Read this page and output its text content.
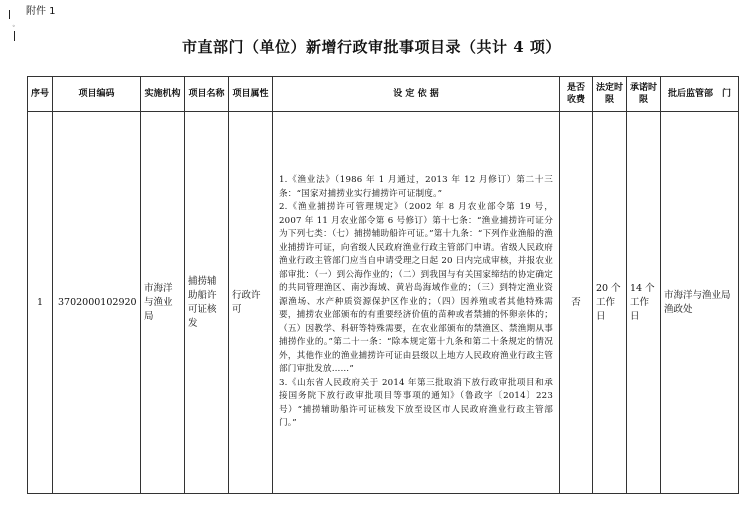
附件 1
◦
市直部门（单位）新增行政审批事项目录（共计 4 项）
序号	项目编码	实施机构	项目名称	项目属性	设 定 依 据	是否收费	法定时限	承诺时限	批后监管部　门
1	3702000102920	市海洋与渔业局	捕捞辅助船许可证核发	行政许可	1.《渔业法》（1986 年 1 月通过，2013 年 12 月修订）第二十三条：“国家对捕捞业实行捕捞许可证制度。”

2.《渔业捕捞许可管理规定》（2002 年 8 月农业部令第 19 号，2007 年 11 月农业部令第 6 号修订）第十七条：“渔业捕捞许可证分为下列七类：（七）捕捞辅助船许可证。”第十九条：“下列作业渔船的渔业捕捞许可证，向省级人民政府渔业行政主管部门申请。省级人民政府渔业行政主管部门应当自申请受理之日起 20 日内完成审核，并报农业部审批：（一）到公海作业的；（二）到我国与有关国家缔结的协定确定的共同管理渔区、南沙海域、黄岩岛海域作业的；（三）到特定渔业资源渔场、水产种质资源保护区作业的；（四）因养殖或者其他特殊需要，捕捞农业部颁布的有重要经济价值的苗种或者禁捕的怀卵亲体的；（五）因教学、科研等特殊需要，在农业部颁布的禁渔区、禁渔期从事捕捞作业的。”第二十一条：“除本规定第十九条和第二十条规定的情况外，其他作业的渔业捕捞许可证由县级以上地方人民政府渔业行政主管部门审批发放……”

3.《山东省人民政府关于 2014 年第三批取消下放行政审批项目和承接国务院下放行政审批项目等事项的通知》（鲁政字〔2014〕223 号）“捕捞辅助船许可证核发下放至设区市人民政府渔业行政主管部门。”	否	20 个工作日	14 个工作日	市海洋与渔业局渔政处
